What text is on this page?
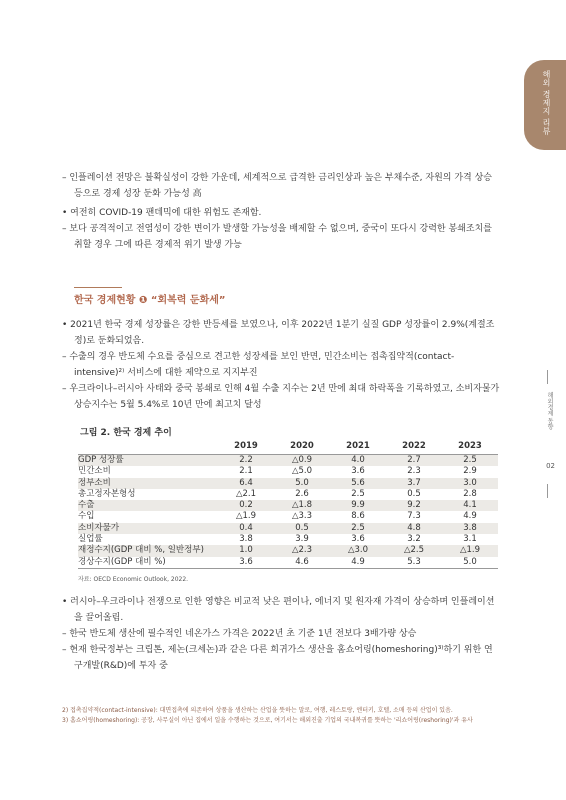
해외 경제지 리뷰
해외경제 동향
02
– 인플레이션 전망은 불확실성이 강한 가운데, 세계적으로 급격한 금리인상과 높은 부채수준, 자원의 가격 상승 등으로 경제 성장 둔화 가능성 高
• 여전히 COVID-19 팬데믹에 대한 위험도 존재함.
– 보다 공격적이고 전염성이 강한 변이가 발생할 가능성을 배제할 수 없으며, 중국이 또다시 강력한 봉쇄조치를 취할 경우 그에 따른 경제적 위기 발생 가능
한국 경제현황 ❶ “회복력 둔화세”
• 2021년 한국 경제 성장률은 강한 반등세를 보였으나, 이후 2022년 1분기 실질 GDP 성장률이 2.9%(계절조정)로 둔화되었음.
– 수출의 경우 반도체 수요를 중심으로 견고한 성장세를 보인 반면, 민간소비는 접촉집약적(contact-intensive)²⁾ 서비스에 대한 제약으로 지지부진
– 우크라이나–러시아 사태와 중국 봉쇄로 인해 4월 수출 지수는 2년 만에 최대 하락폭을 기록하였고, 소비자물가 상승지수는 5월 5.4%로 10년 만에 최고치 달성
그림 2. 한국 경제 추이
	2019	2020	2021	2022	2023
GDP 성장률	2.2	△0.9	4.0	2.7	2.5
민간소비	2.1	△5.0	3.6	2.3	2.9
정부소비	6.4	5.0	5.6	3.7	3.0
총고정자본형성	△2.1	2.6	2.5	0.5	2.8
수출	0.2	△1.8	9.9	9.2	4.1
수입	△1.9	△3.3	8.6	7.3	4.9
소비자물가	0.4	0.5	2.5	4.8	3.8
실업률	3.8	3.9	3.6	3.2	3.1
재정수지(GDP 대비 %, 일반정부)	1.0	△2.3	△3.0	△2.5	△1.9
경상수지(GDP 대비 %)	3.6	4.6	4.9	5.3	5.0
자료: OECD Economic Outlook, 2022.
• 러시아–우크라이나 전쟁으로 인한 영향은 비교적 낮은 편이나, 에너지 및 원자재 가격이 상승하며 인플레이션을 끌어올림.
– 한국 반도체 생산에 필수적인 네온가스 가격은 2022년 초 기준 1년 전보다 3배가량 상승
– 현재 한국정부는 크립톤, 제논(크세논)과 같은 다른 희귀가스 생산을 홈쇼어링(homeshoring)³⁾하기 위한 연구개발(R&D)에 투자 중
2) 접촉집약적(contact-intensive): 대면접촉에 의존하여 상품을 생산하는 산업을 뜻하는 말로, 여행, 레스토랑, 엔터키, 호텔, 소매 등의 산업이 있음.
3) 홈쇼어링(homeshoring): 공장, 사무실이 아닌 집에서 일을 수행하는 것으로, 여기서는 해외진출 기업의 국내복귀를 뜻하는 '리쇼어링(reshoring)'과 유사
